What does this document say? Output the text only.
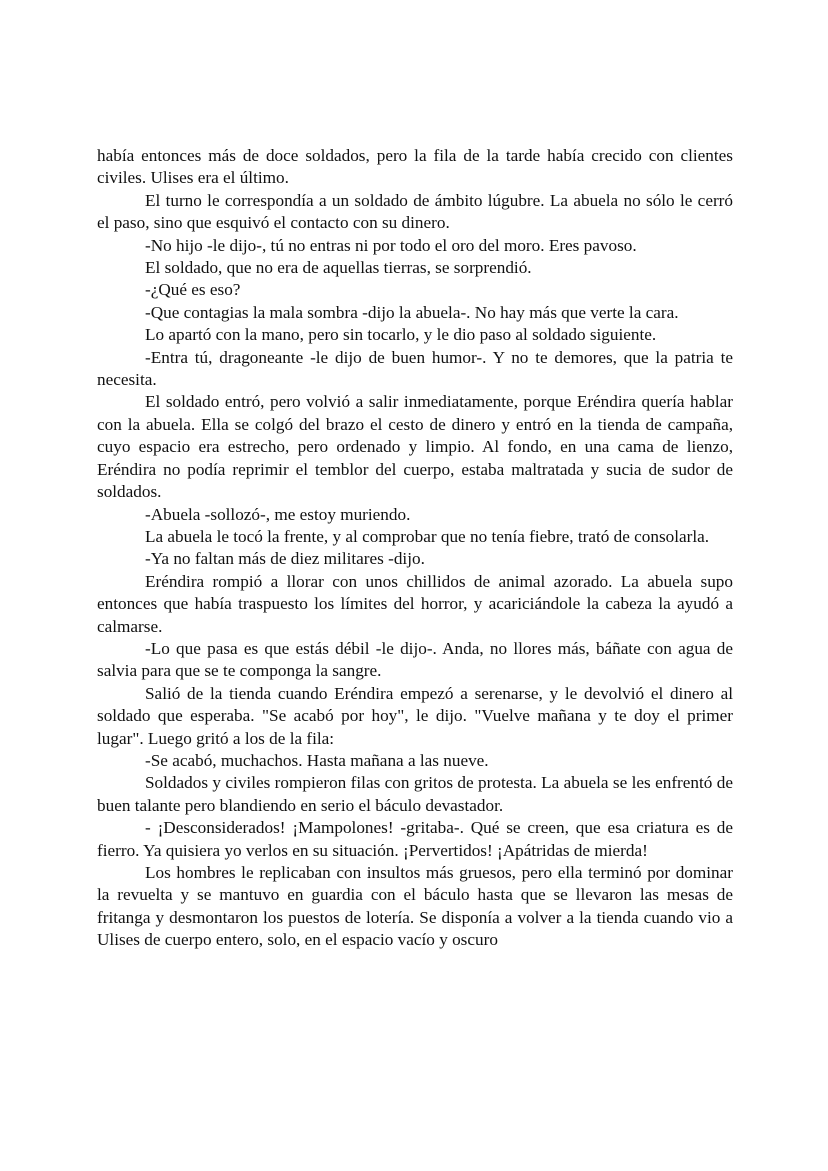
había entonces más de doce soldados, pero la fila de la tarde había crecido con clientes civiles. Ulises era el último.

El turno le correspondía a un soldado de ámbito lúgubre. La abuela no sólo le cerró el paso, sino que esquivó el contacto con su dinero.

-No hijo -le dijo-, tú no entras ni por todo el oro del moro. Eres pavoso.

El soldado, que no era de aquellas tierras, se sorprendió.

-¿Qué es eso?

-Que contagias la mala sombra -dijo la abuela-. No hay más que verte la cara.

Lo apartó con la mano, pero sin tocarlo, y le dio paso al soldado siguiente.

-Entra tú, dragoneante -le dijo de buen humor-. Y no te demores, que la patria te necesita.

El soldado entró, pero volvió a salir inmediatamente, porque Eréndira quería hablar con la abuela. Ella se colgó del brazo el cesto de dinero y entró en la tienda de campaña, cuyo espacio era estrecho, pero ordenado y limpio. Al fondo, en una cama de lienzo, Eréndira no podía reprimir el temblor del cuerpo, estaba maltratada y sucia de sudor de soldados.

-Abuela -sollozó-, me estoy muriendo.

La abuela le tocó la frente, y al comprobar que no tenía fiebre, trató de consolarla.

-Ya no faltan más de diez militares -dijo.

Eréndira rompió a llorar con unos chillidos de animal azorado. La abuela supo entonces que había traspuesto los límites del horror, y acariciándole la cabeza la ayudó a calmarse.

-Lo que pasa es que estás débil -le dijo-. Anda, no llores más, báñate con agua de salvia para que se te componga la sangre.

Salió de la tienda cuando Eréndira empezó a serenarse, y le devolvió el dinero al soldado que esperaba. "Se acabó por hoy", le dijo. "Vuelve mañana y te doy el primer lugar". Luego gritó a los de la fila:

-Se acabó, muchachos. Hasta mañana a las nueve.

Soldados y civiles rompieron filas con gritos de protesta. La abuela se les enfrentó de buen talante pero blandiendo en serio el báculo devastador.

- ¡Desconsiderados! ¡Mampolones! -gritaba-. Qué se creen, que esa criatura es de fierro. Ya quisiera yo verlos en su situación. ¡Pervertidos! ¡Apátridas de mierda!

Los hombres le replicaban con insultos más gruesos, pero ella terminó por dominar la revuelta y se mantuvo en guardia con el báculo hasta que se llevaron las mesas de fritanga y desmontaron los puestos de lotería. Se disponía a volver a la tienda cuando vio a Ulises de cuerpo entero, solo, en el espacio vacío y oscuro
